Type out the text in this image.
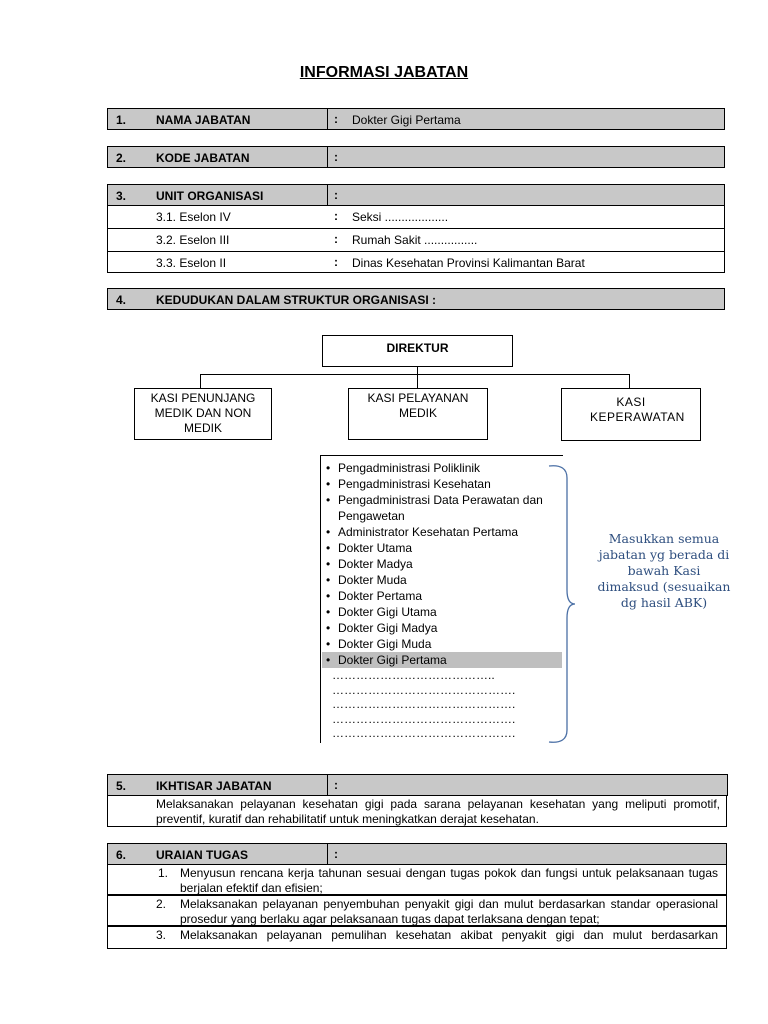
INFORMASI JABATAN
1. NAMA JABATAN	: Dokter Gigi Pertama
2. KODE JABATAN	:
3. UNIT ORGANISASI	:
3.1. Eselon IV	: Seksi ...................
3.2. Eselon III	: Rumah Sakit ................
3.3. Eselon II	: Dinas Kesehatan Provinsi Kalimantan Barat
4. KEDUDUKAN DALAM STRUKTUR ORGANISASI :
DIREKTUR
KASI PENUNJANG MEDIK DAN NON MEDIK
KASI PELAYANAN MEDIK
KASI KEPERAWATAN
• Pengadministrasi Poliklinik
• Pengadministrasi Kesehatan
• Pengadministrasi Data Perawatan dan Pengawetan
• Administrator Kesehatan Pertama
• Dokter Utama
• Dokter Madya
• Dokter Muda
• Dokter Pertama
• Dokter Gigi Utama
• Dokter Gigi Madya
• Dokter Gigi Muda
• Dokter Gigi Pertama
…………………………………..
……………………………………….
……………………………………….
……………………………………….
……………………………………….
Masukkan semua jabatan yg berada di bawah Kasi dimaksud (sesuaikan dg hasil ABK)
5. IKHTISAR JABATAN	:
Melaksanakan pelayanan kesehatan gigi pada sarana pelayanan kesehatan yang meliputi promotif, preventif, kuratif dan rehabilitatif untuk meningkatkan derajat kesehatan.
6. URAIAN TUGAS	:
1. Menyusun rencana kerja tahunan sesuai dengan tugas pokok dan fungsi untuk pelaksanaan tugas berjalan efektif dan efisien;
2. Melaksanakan pelayanan penyembuhan penyakit gigi dan mulut berdasarkan standar operasional prosedur yang berlaku agar pelaksanaan tugas dapat terlaksana dengan tepat;
3. Melaksanakan pelayanan pemulihan kesehatan akibat penyakit gigi dan mulut berdasarkan
